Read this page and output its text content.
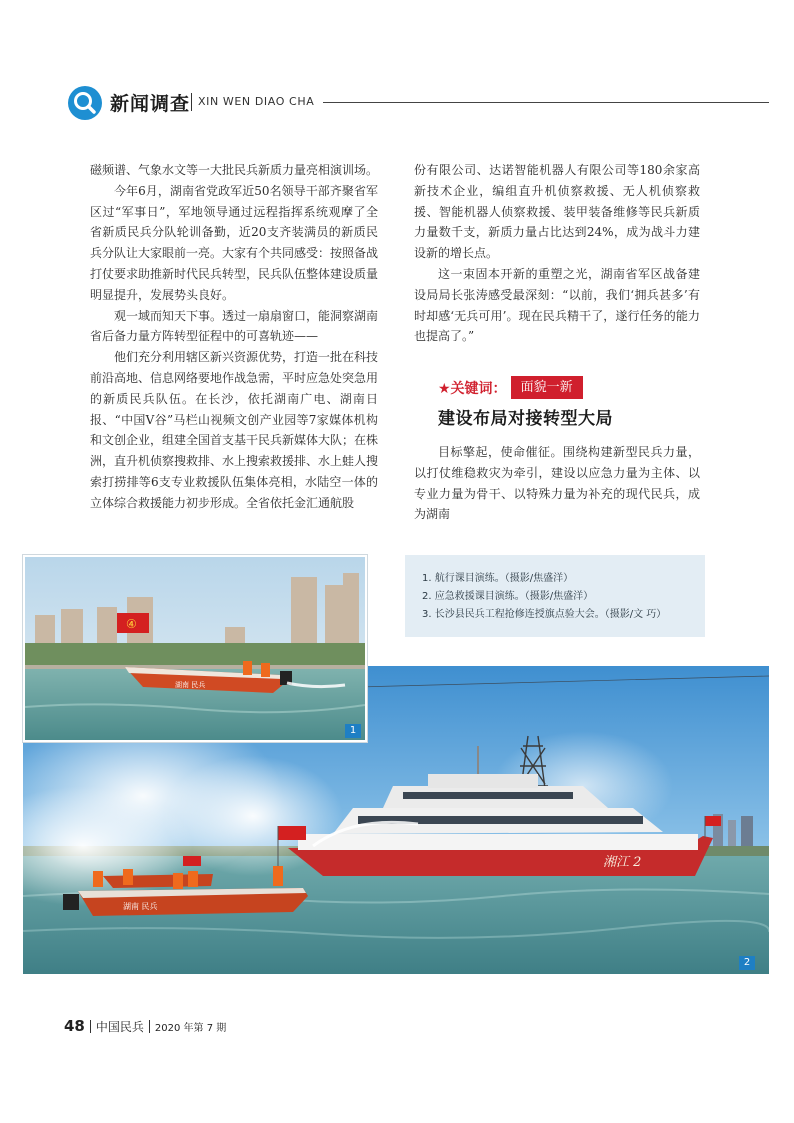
新闻调查 XIN WEN DIAO CHA

磁频谱、气象水文等一大批民兵新质力量亮相演训场。

今年6月，湖南省党政军近50名领导干部齐聚省军区过“军事日”，军地领导通过远程指挥系统观摩了全省新质民兵分队轮训备勤，近20支齐装满员的新质民兵分队让大家眼前一亮。大家有个共同感受：按照备战打仗要求助推新时代民兵转型，民兵队伍整体建设质量明显提升，发展势头良好。

观一域而知天下事。透过一扇扇窗口，能洞察湖南省后备力量方阵转型征程中的可喜轨迹——

他们充分利用辖区新兴资源优势，打造一批在科技前沿高地、信息网络要地作战急需，平时应急处突急用的新质民兵队伍。在长沙，依托湖南广电、湖南日报、“中国V谷”马栏山视频文创产业园等7家媒体机构和文创企业，组建全国首支基干民兵新媒体大队；在株洲，直升机侦察搜救排、水上搜索救援排、水上蛙人搜索打捞排等6支专业救援队伍集体亮相，水陆空一体的立体综合救援能力初步形成。全省依托金汇通航股

份有限公司、达诺智能机器人有限公司等180余家高新技术企业，编组直升机侦察救援、无人机侦察救援、智能机器人侦察救援、装甲装备维修等民兵新质力量数千支，新质力量占比达到24%，成为战斗力建设新的增长点。

这一束固本开新的重塑之光，湖南省军区战备建设局局长张涛感受最深刻：“以前，我们‘拥兵甚多’有时却感‘无兵可用’。现在民兵精干了，遂行任务的能力也提高了。”

★关键词：	面貌一新
建设布局对接转型大局

目标擎起，使命催征。围绕构建新型民兵力量，以打仗维稳救灾为牵引，建设以应急力量为主体、以专业力量为骨干、以特殊力量为补充的现代民兵，成为湖南

1. 航行课目演练。（摄影/焦盛洋）
2. 应急救援课目演练。（摄影/焦盛洋）
3. 长沙县民兵工程抢修连授旗点验大会。（摄影/文 巧）
湘江 2
湖南 民兵
2
④
湖南 民兵
1
48 中国民兵 2020 年第 7 期
